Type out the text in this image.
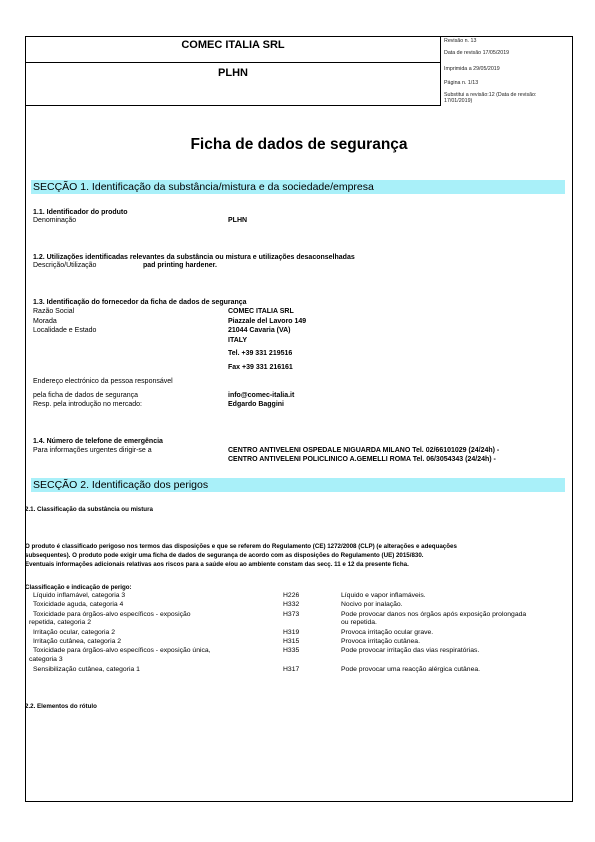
COMEC ITALIA SRL
PLHN
Revisão n. 13
Data de revisão 17/05/2019
Imprimida a 29/05/2019
Página n. 1/13
Substitui a revisão:12 (Data de revisão:
17/01/2019)
Ficha de dados de segurança
SECÇÃO 1. Identificação da substância/mistura e da sociedade/empresa
1.1. Identificador do produto
Denominação	PLHN
1.2. Utilizações identificadas relevantes da substância ou mistura e utilizações desaconselhadas
Descrição/Utilização	pad printing hardener.
1.3. Identificação do fornecedor da ficha de dados de segurança
Razão Social	COMEC ITALIA SRL
Morada	Piazzale del Lavoro 149
Localidade e Estado	21044 Cavaria (VA)
ITALY
Tel. +39 331 219516
Fax +39 331 216161
Endereço electrónico da pessoa responsável
pela ficha de dados de segurança	info@comec-italia.it
Resp. pela introdução no mercado:	Edgardo Baggini
1.4. Número de telefone de emergência
Para informações urgentes dirigir-se a	CENTRO ANTIVELENI OSPEDALE NIGUARDA MILANO Tel. 02/66101029 (24/24h) -
CENTRO ANTIVELENI POLICLINICO A.GEMELLI ROMA Tel. 06/3054343 (24/24h) -
SECÇÃO 2. Identificação dos perigos
2.1. Classificação da substância ou mistura
O produto é classificado perigoso nos termos das disposições e que se referem do Regulamento (CE) 1272/2008 (CLP) (e alterações e adequações
subsequentes). O produto pode exigir uma ficha de dados de segurança de acordo com as disposições do Regulamento (UE) 2015/830.
Eventuais informações adicionais relativas aos riscos para a saúde e/ou ao ambiente constam das secç. 11 e 12 da presente ficha.
Classificação e indicação de perigo:
Líquido inflamável, categoria 3	H226	Líquido e vapor inflamáveis.
Toxicidade aguda, categoria 4	H332	Nocivo por inalação.
Toxicidade para órgãos-alvo específicos - exposição	H373	Pode provocar danos nos órgãos após exposição prolongada
repetida, categoria 2	ou repetida.
Irritação ocular, categoria 2	H319	Provoca irritação ocular grave.
Irritação cutânea, categoria 2	H315	Provoca irritação cutânea.
Toxicidade para órgãos-alvo específicos - exposição única,	H335	Pode provocar irritação das vias respiratórias.
categoria 3
Sensibilização cutânea, categoria 1	H317	Pode provocar uma reacção alérgica cutânea.
2.2. Elementos do rótulo
